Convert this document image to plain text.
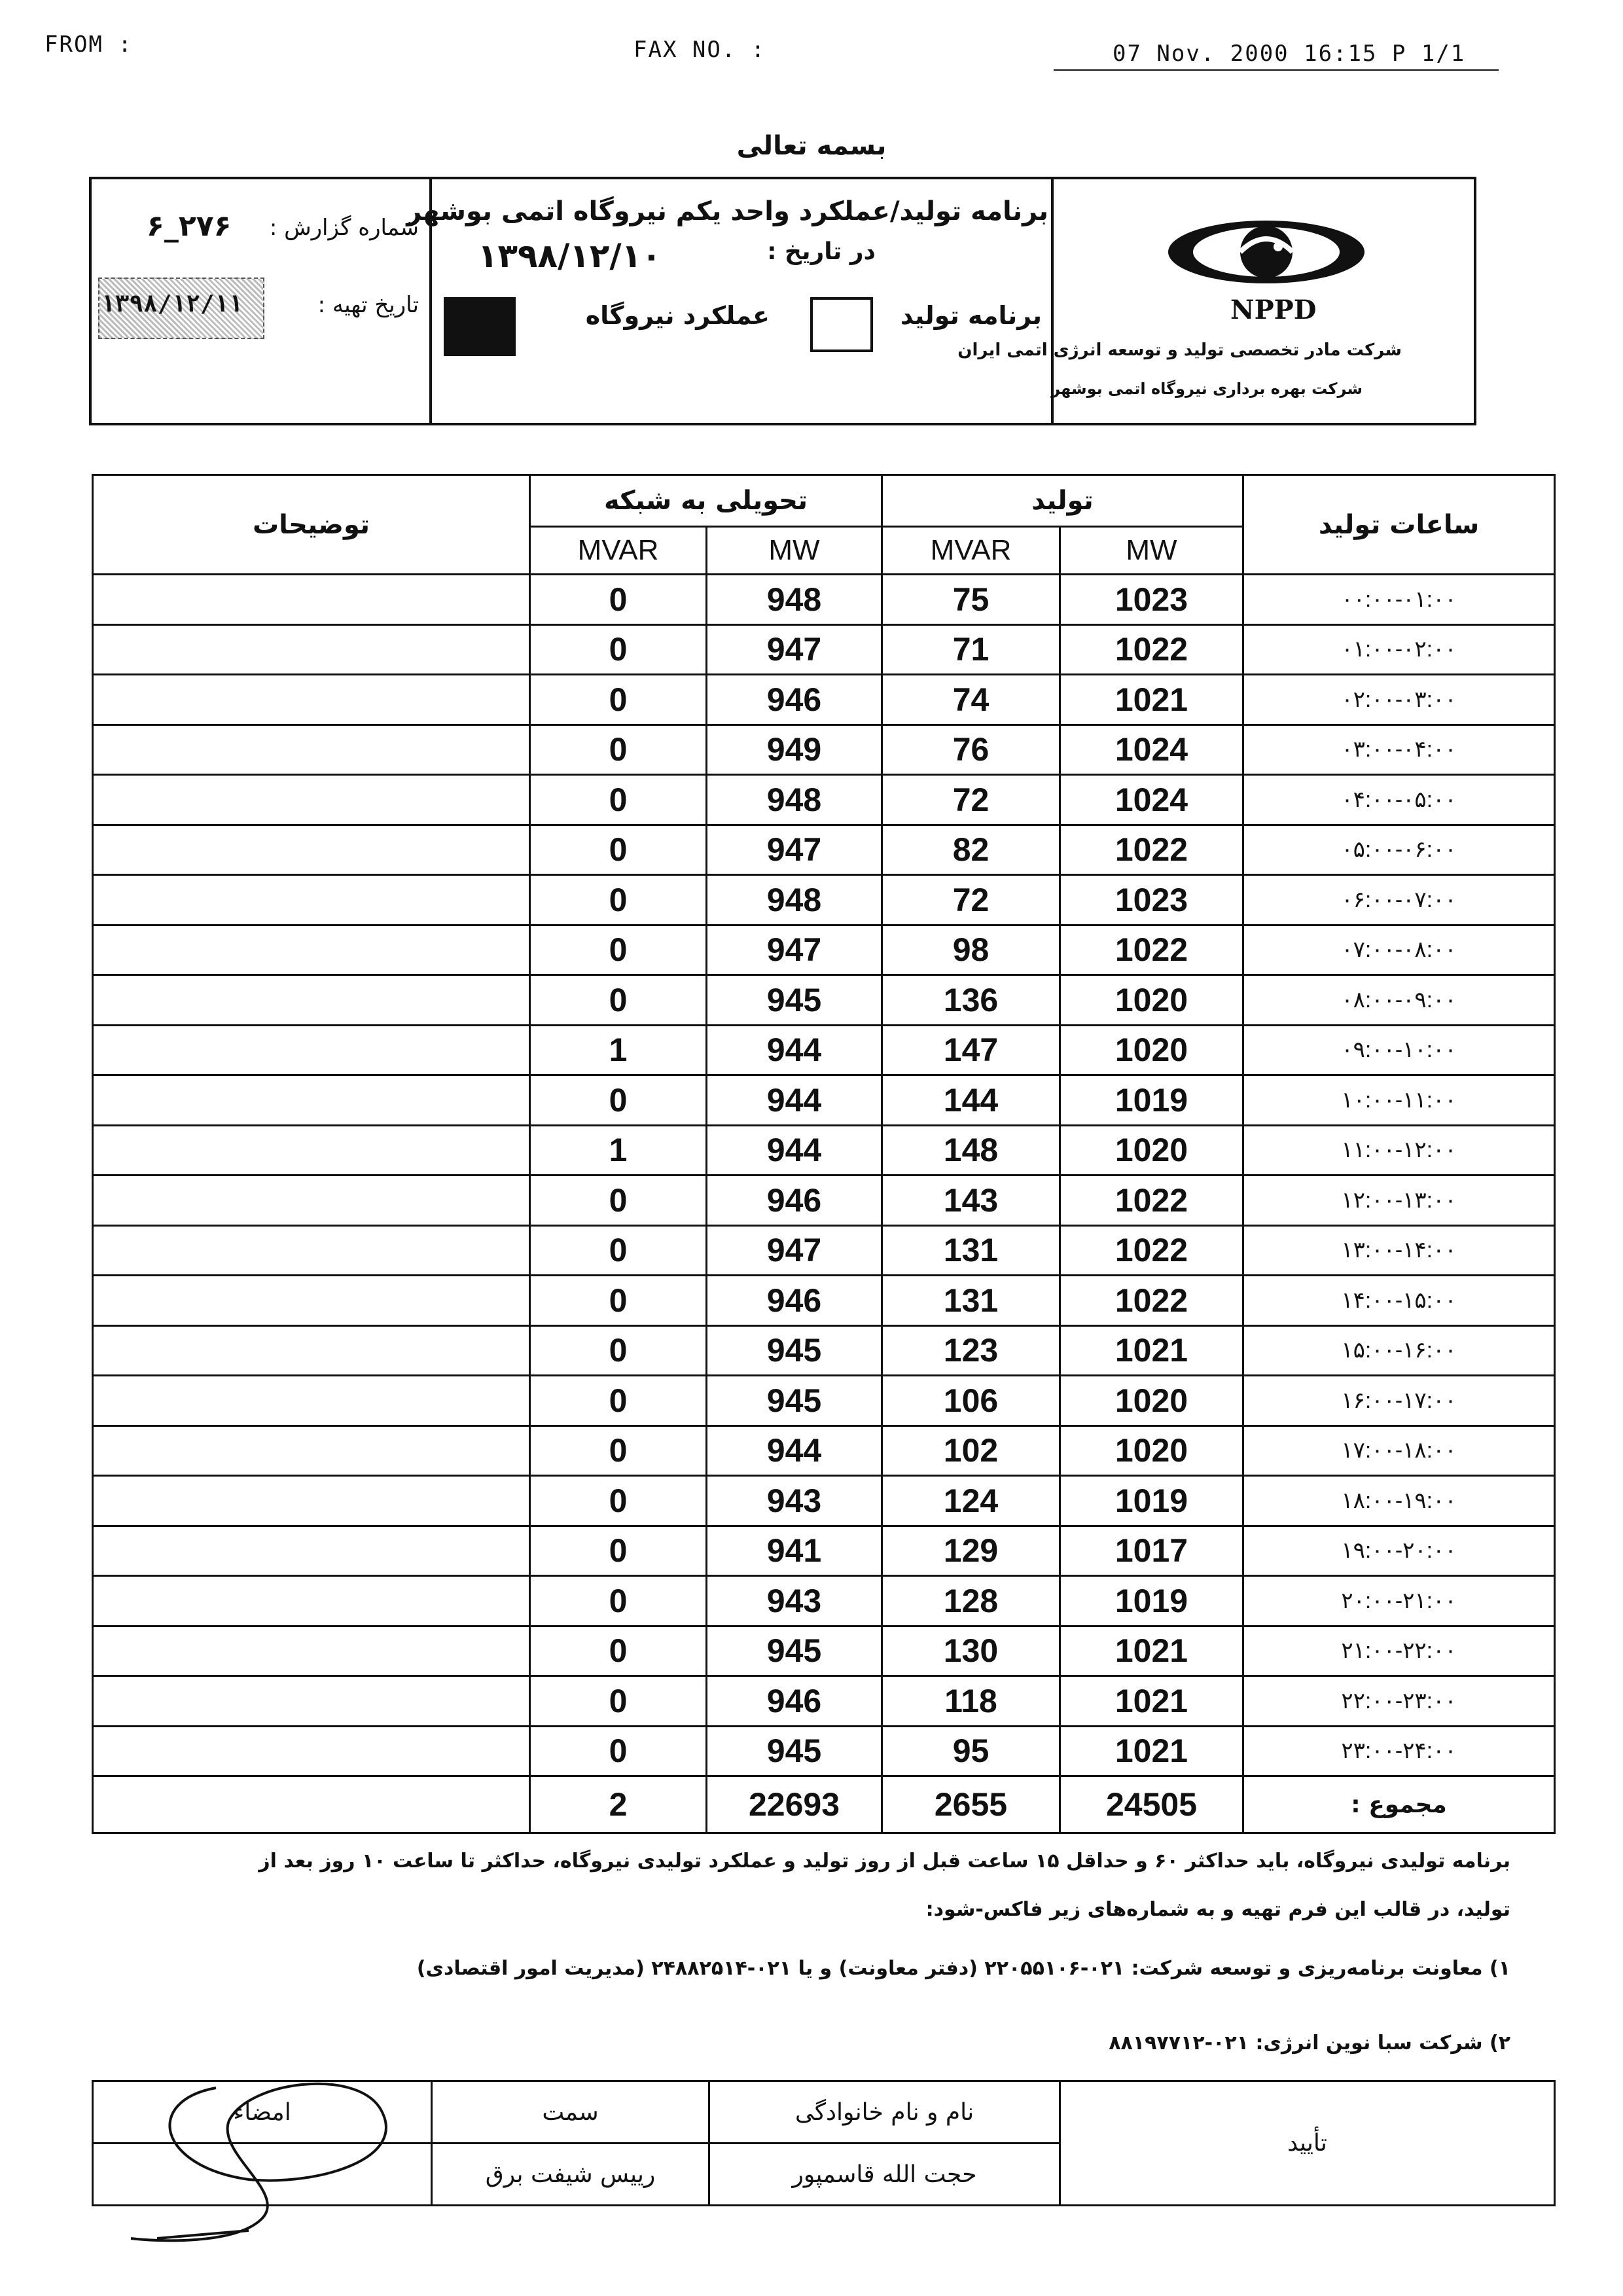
FROM :	FAX NO. :	07 Nov. 2000 16:15 P 1/1
بسمه تعالی
شماره گزارش :
۲۷۶_۶
تاریخ تهیه :
۱۳۹۸/۱۲/۱۱
برنامه تولید/عملکرد واحد یکم نیروگاه اتمی بوشهر
در تاریخ :
۱۳۹۸/۱۲/۱۰
برنامه تولید
عملکرد نیروگاه	NPPD
شرکت مادر تخصصی تولید و توسعه انرژی اتمی ایران
شرکت بهره برداری نیروگاه اتمی بوشهر
توضیحات	تحویلی به شبکه		تولید		ساعات تولید
	MVAR	MW	MVAR	MW	
	0	948	75	1023	۰۰:۰۰-۰۱:۰۰
	0	947	71	1022	۰۱:۰۰-۰۲:۰۰
	0	946	74	1021	۰۲:۰۰-۰۳:۰۰
	0	949	76	1024	۰۳:۰۰-۰۴:۰۰
	0	948	72	1024	۰۴:۰۰-۰۵:۰۰
	0	947	82	1022	۰۵:۰۰-۰۶:۰۰
	0	948	72	1023	۰۶:۰۰-۰۷:۰۰
	0	947	98	1022	۰۷:۰۰-۰۸:۰۰
	0	945	136	1020	۰۸:۰۰-۰۹:۰۰
	1	944	147	1020	۰۹:۰۰-۱۰:۰۰
	0	944	144	1019	۱۰:۰۰-۱۱:۰۰
	1	944	148	1020	۱۱:۰۰-۱۲:۰۰
	0	946	143	1022	۱۲:۰۰-۱۳:۰۰
	0	947	131	1022	۱۳:۰۰-۱۴:۰۰
	0	946	131	1022	۱۴:۰۰-۱۵:۰۰
	0	945	123	1021	۱۵:۰۰-۱۶:۰۰
	0	945	106	1020	۱۶:۰۰-۱۷:۰۰
	0	944	102	1020	۱۷:۰۰-۱۸:۰۰
	0	943	124	1019	۱۸:۰۰-۱۹:۰۰
	0	941	129	1017	۱۹:۰۰-۲۰:۰۰
	0	943	128	1019	۲۰:۰۰-۲۱:۰۰
	0	945	130	1021	۲۱:۰۰-۲۲:۰۰
	0	946	118	1021	۲۲:۰۰-۲۳:۰۰
	0	945	95	1021	۲۳:۰۰-۲۴:۰۰
	2	22693	2655	24505	مجموع :
برنامه تولیدی نیروگاه، باید حداکثر ۶۰ و حداقل ۱۵ ساعت قبل از روز تولید و عملکرد تولیدی نیروگاه، حداکثر تا ساعت ۱۰ روز بعد از
تولید، در قالب این فرم تهیه و به شماره‌های زیر فاکس-شود:
۱) معاونت برنامه‌ریزی و توسعه شرکت: ۰۲۱-۲۲۰۵۵۱۰۶ (دفتر معاونت) و یا ۰۲۱-۲۴۸۸۲۵۱۴ (مدیریت امور اقتصادی)
۲) شرکت سبا نوین انرژی: ۰۲۱-۸۸۱۹۷۷۱۲
امضاء	سمت	نام و نام خانوادگی	تأیید
	رییس شیفت برق	حجت الله قاسمپور	
